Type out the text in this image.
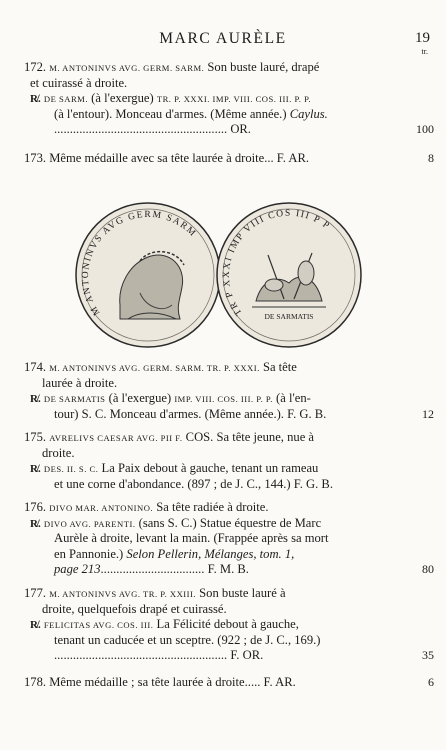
MARC AURÈLE	19
tr.
172. M. ANTONINVS AVG. GERM. SARM. Son buste lauré, drapé
et cuirassé à droite.
R̸. DE SARM. (à l'exergue) TR. P. XXXI. IMP. VIII. COS. III. P. P.
(à l'entour). Monceau d'armes. (Même année.) Caylus.
....................................................... OR.	100
173. Même médaille avec sa tête laurée à droite... F. AR.	8
M ANTONINVS AVG GERM SARM
TR P XXXI IMP VIII COS III P P
DE SARMATIS
174. M. ANTONINVS AVG. GERM. SARM. TR. P. XXXI. Sa tête
laurée à droite.
R̸. DE SARMATIS (à l'exergue) IMP. VIII. COS. III. P. P. (à l'en-
tour) S. C. Monceau d'armes. (Même année.). F. G. B.	12
175. AVRELIVS CAESAR AVG. PII F. COS. Sa tête jeune, nue à
droite.
R̸. DES. II. S. C. La Paix debout à gauche, tenant un rameau
et une corne d'abondance. (897 ; de J. C., 144.) F. G. B.
176. DIVO MAR. ANTONINO. Sa tête radiée à droite.
R̸. DIVO AVG. PARENTI. (sans S. C.) Statue équestre de Marc
Aurèle à droite, levant la main. (Frappée après sa mort
en Pannonie.) Selon Pellerin, Mélanges, tom. 1,
page 213................................. F. M. B.	80
177. M. ANTONINVS AVG. TR. P. XXIII. Son buste lauré à
droite, quelquefois drapé et cuirassé.
R̸. FELICITAS AVG. COS. III. La Félicité debout à gauche,
tenant un caducée et un sceptre. (922 ; de J. C., 169.)
....................................................... F. OR.	35
178. Même médaille ; sa tête laurée à droite..... F. AR.	6
